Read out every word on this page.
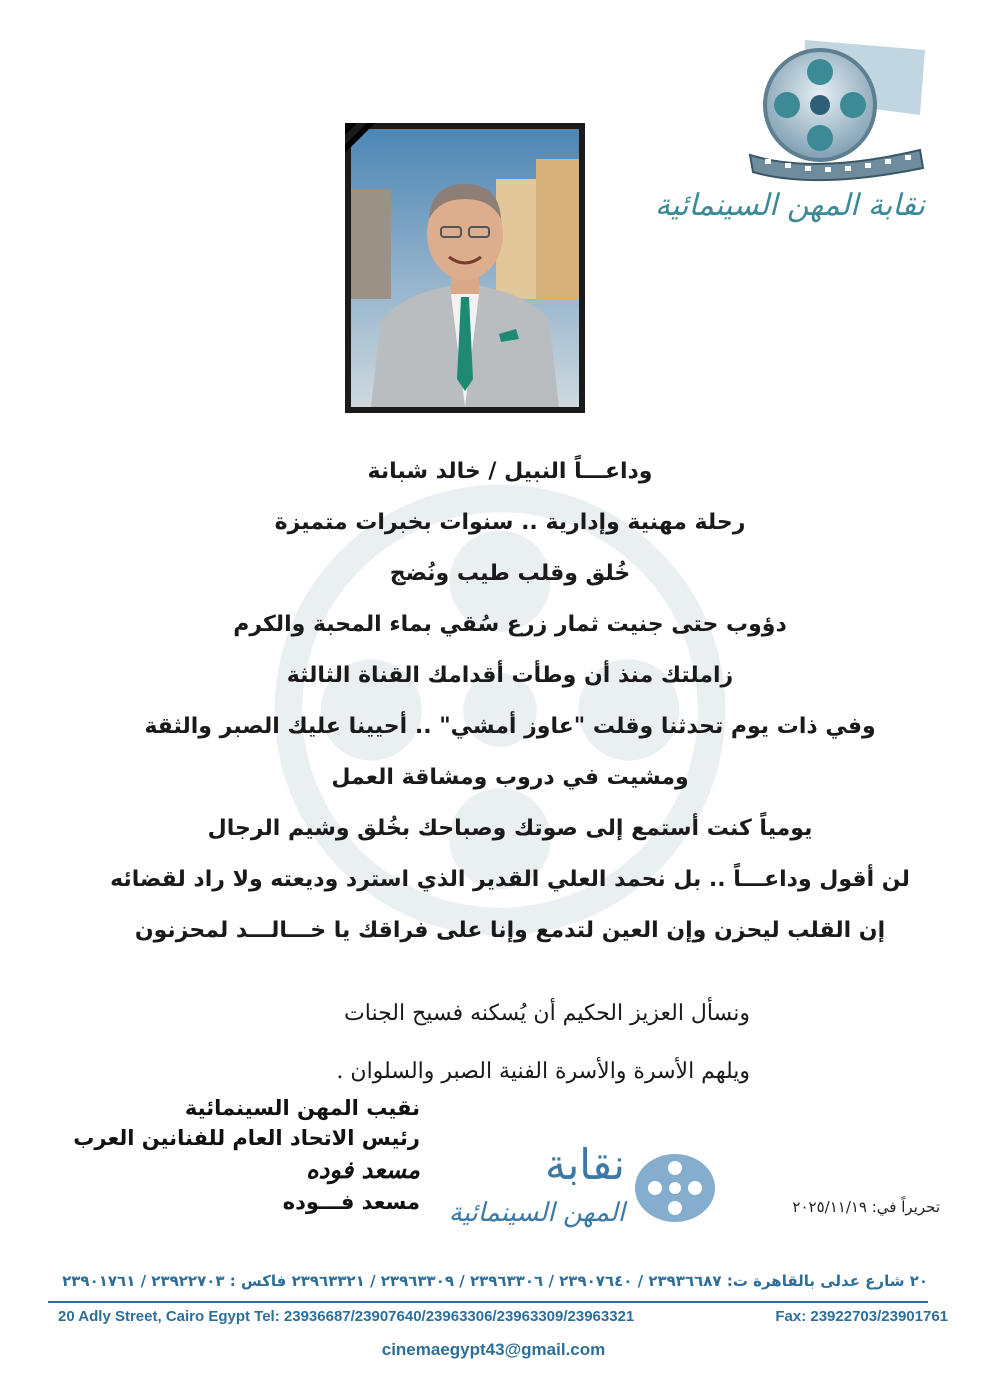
نقابة المهن السينمائية
وداعـــاً النبيل / خالد شبانة
رحلة مهنية وإدارية .. سنوات بخبرات متميزة
خُلق وقلب طيب ونُضج
دؤوب حتى جنيت ثمار زرع سُقي بماء المحبة والكرم
زاملتك منذ أن وطأت أقدامك القناة الثالثة
وفي ذات يوم تحدثنا وقلت "عاوز أمشي" .. أحيينا عليك الصبر والثقة
ومشيت في دروب ومشاقة العمل
يومياً كنت أستمع إلى صوتك وصباحك بخُلق وشيم الرجال
لن أقول وداعـــاً .. بل نحمد العلي القدير الذي استرد وديعته ولا راد لقضائه
إن القلب ليحزن وإن العين لتدمع وإنا على فراقك يا خـــالـــد لمحزنون
ونسأل العزيز الحكيم أن يُسكنه فسيح الجنات
ويلهم الأسرة والأسرة الفنية الصبر والسلوان .
نقيب المهن السينمائية
رئيس الاتحاد العام للفنانين العرب
مسعد فوده
مسعد فـــوده
نقابة
المهن السينمائية	تحريراً في: ٢٠٢٥/١١/١٩
٢٠ شارع عدلى بالقاهرة ت: ٢٣٩٣٦٦٨٧ / ٢٣٩٠٧٦٤٠ / ٢٣٩٦٣٣٠٦ / ٢٣٩٦٣٣٠٩ / ٢٣٩٦٣٣٢١ فاكس : ٢٣٩٢٢٧٠٣ / ٢٣٩٠١٧٦١
20 Adly Street, Cairo Egypt Tel: 23936687/23907640/23963306/23963309/23963321	Fax: 23922703/23901761
cinemaegypt43@gmail.com
